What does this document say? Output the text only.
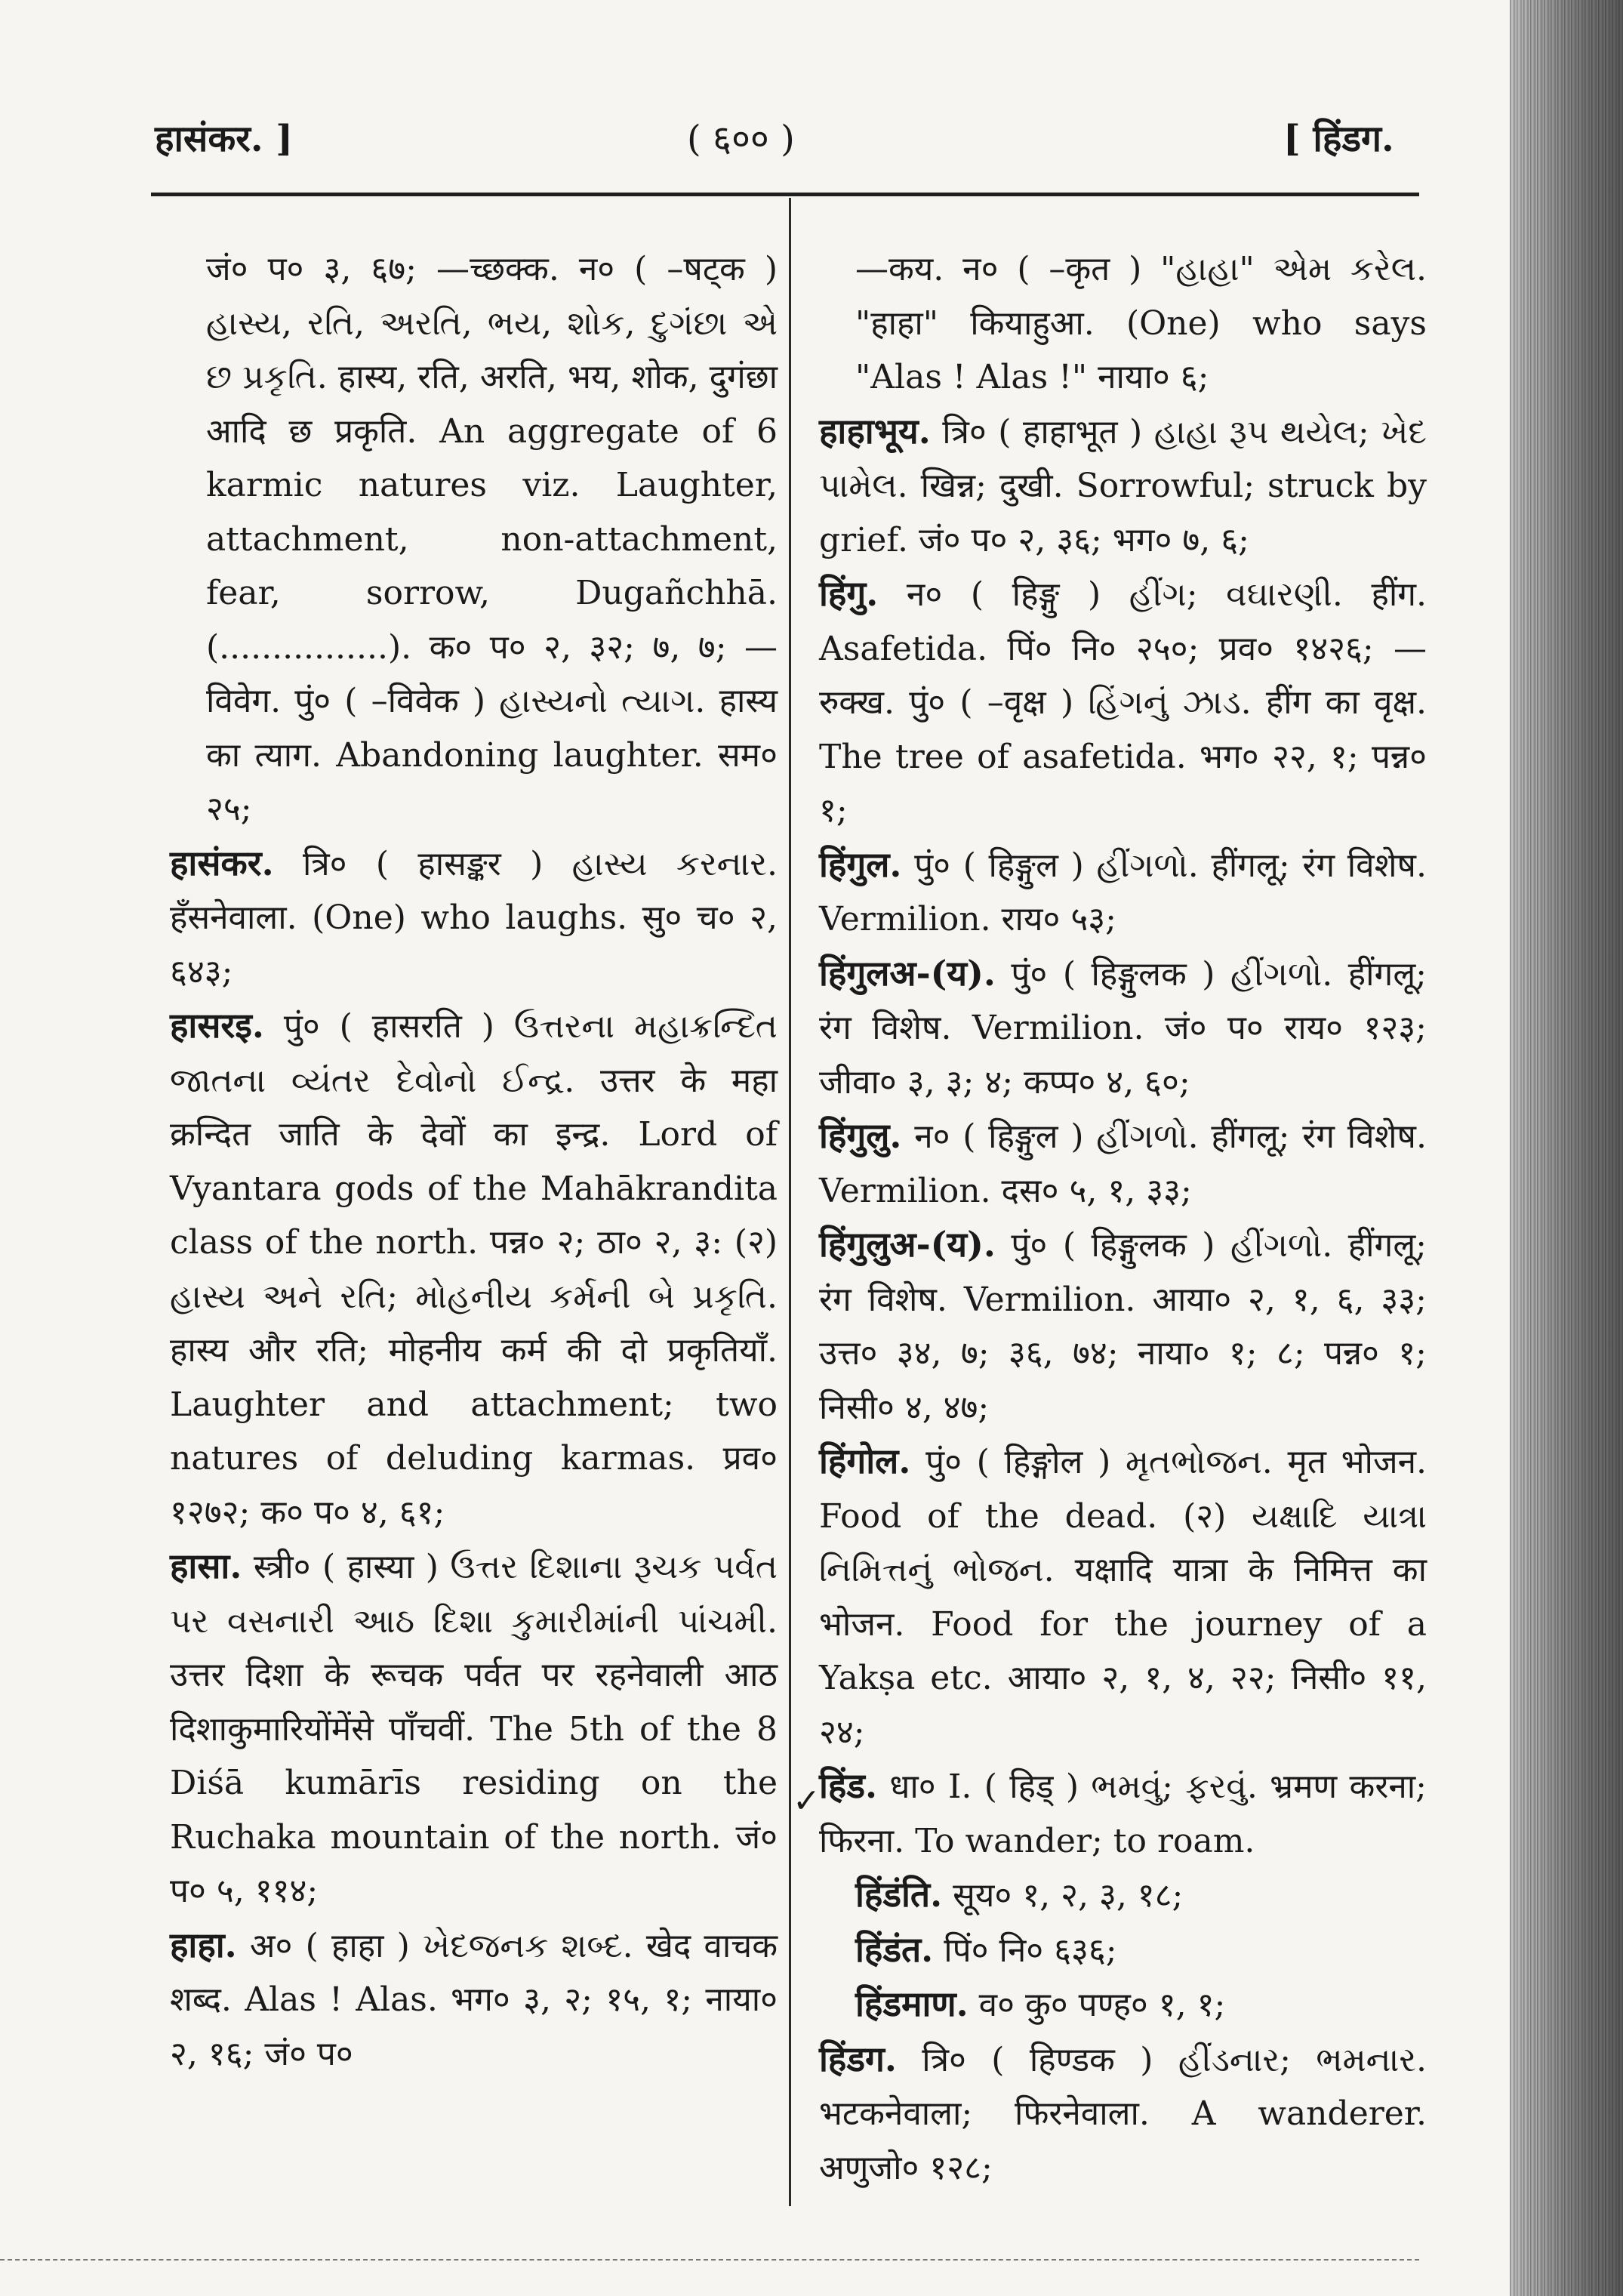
हासंकर. ]	( ६०० )	[ हिंडग.

जं० प० ३, ६७; —च्छक्क. न० ( –षट्क ) હાસ્ય, રતિ, અરતિ, ભય, શોક, દુગંછા એ છ પ્રકૃતિ. हास्य, रति, अरति, भय, शोक, दुगंछा आदि छ प्रकृति. An aggregate of 6 karmic natures viz. Laughter, attachment, non-attachment, fear, sorrow, Dugañchhā. (................). क० प० २, ३२; ७, ७; —विवेग. पुं० ( –विवेक ) હાસ્યનો ત્યાગ. हास्य का त्याग. Abandoning laughter. सम० २५;

हासंकर. त्रि० ( हासङ्कर ) હાસ્ય કરનાર. हँसनेवाला. (One) who laughs. सु० च० २, ६४३;

हासरइ. पुं० ( हासरति ) ઉત્તરના મહાક્રન્દિત જાતના વ્યંતર દેવોનો ઈન્દ્ર. उत्तर के महा क्रन्दित जाति के देवों का इन्द्र. Lord of Vyantara gods of the Mahākrandita class of the north. पन्न० २; ठा० २, ३: (२) હાસ્ય અને રતિ; મોહનીય કર્મની બે પ્રકૃતિ. हास्य और रति; मोहनीय कर्म की दो प्रकृतियाँ. Laughter and attachment; two natures of deluding karmas. प्रव० १२७२; क० प० ४, ६१;

हासा. स्त्री० ( हास्या ) ઉત્તર દિશાના રૂચક પર્વત પર વસનારી આઠ દિશા કુમારીમાંની પાંચમી. उत्तर दिशा के रूचक पर्वत पर रहनेवाली आठ दिशाकुमारियोंमेंसे पाँचवीं. The 5th of the 8 Diśā kumārīs residing on the Ruchaka mountain of the north. जं० प० ५, ११४;

हाहा. अ० ( हाहा ) ખેદજનક શબ્દ. खेद वाचक शब्द. Alas ! Alas. भग० ३, २; १५, १; नाया० २, १६; जं० प०

—कय. न० ( –कृत ) "હાહા" એમ કરેલ. "हाहा" कियाहुआ. (One) who says "Alas ! Alas !" नाया० ६;

हाहाभूय. त्रि० ( हाहाभूत ) હાહા રૂપ થયેલ; ખેદ પામેલ. खिन्न; दुखी. Sorrowful; struck by grief. जं० प० २, ३६; भग० ७, ६;

हिंगु. न० ( हिङ्गु ) હીંગ; વઘારણી. हींग. Asafetida. पिं० नि० २५०; प्रव० १४२६; —रुक्ख. पुं० ( –वृक्ष ) હિંગનું ઝાડ. हींग का वृक्ष. The tree of asafetida. भग० २२, १; पन्न० १;

हिंगुल. पुं० ( हिङ्गुल ) હીંગળો. हींगलू; रंग विशेष. Vermilion. राय० ५३;

हिंगुलअ-(य). पुं० ( हिङ्गुलक ) હીંગળો. हींगलू; रंग विशेष. Vermilion. जं० प० राय० १२३; जीवा० ३, ३; ४; कप्प० ४, ६०;

हिंगुलु. न० ( हिङ्गुल ) હીંગળો. हींगलू; रंग विशेष. Vermilion. दस० ५, १, ३३;

हिंगुलुअ-(य). पुं० ( हिङ्गुलक ) હીંગળો. हींगलू; रंग विशेष. Vermilion. आया० २, १, ६, ३३; उत्त० ३४, ७; ३६, ७४; नाया० १; ८; पन्न० १; निसी० ४, ४७;

हिंगोल. पुं० ( हिङ्गोल ) મૃતભોજન. मृत भोजन. Food of the dead. (२) યક્ષાદિ યાત્રા નિમિત્તનું ભોજન. यक्षादि यात्रा के निमित्त का भोजन. Food for the journey of a Yakṣa etc. आया० २, १, ४, २२; निसी० ११, २४;

हिंड. धा० I. ( हिड् ) ભમવું; ફરવું. भ्रमण करना; फिरना. To wander; to roam.

हिंडंति. सूय० १, २, ३, १८;

हिंडंत. पिं० नि० ६३६;

हिंडमाण. व० कु० पण्ह० १, १;

हिंडग. त्रि० ( हिण्डक ) હીંડનાર; ભમનાર. भटकनेवाला; फिरनेवाला. A wanderer. अणुजो० १२८;

✓
